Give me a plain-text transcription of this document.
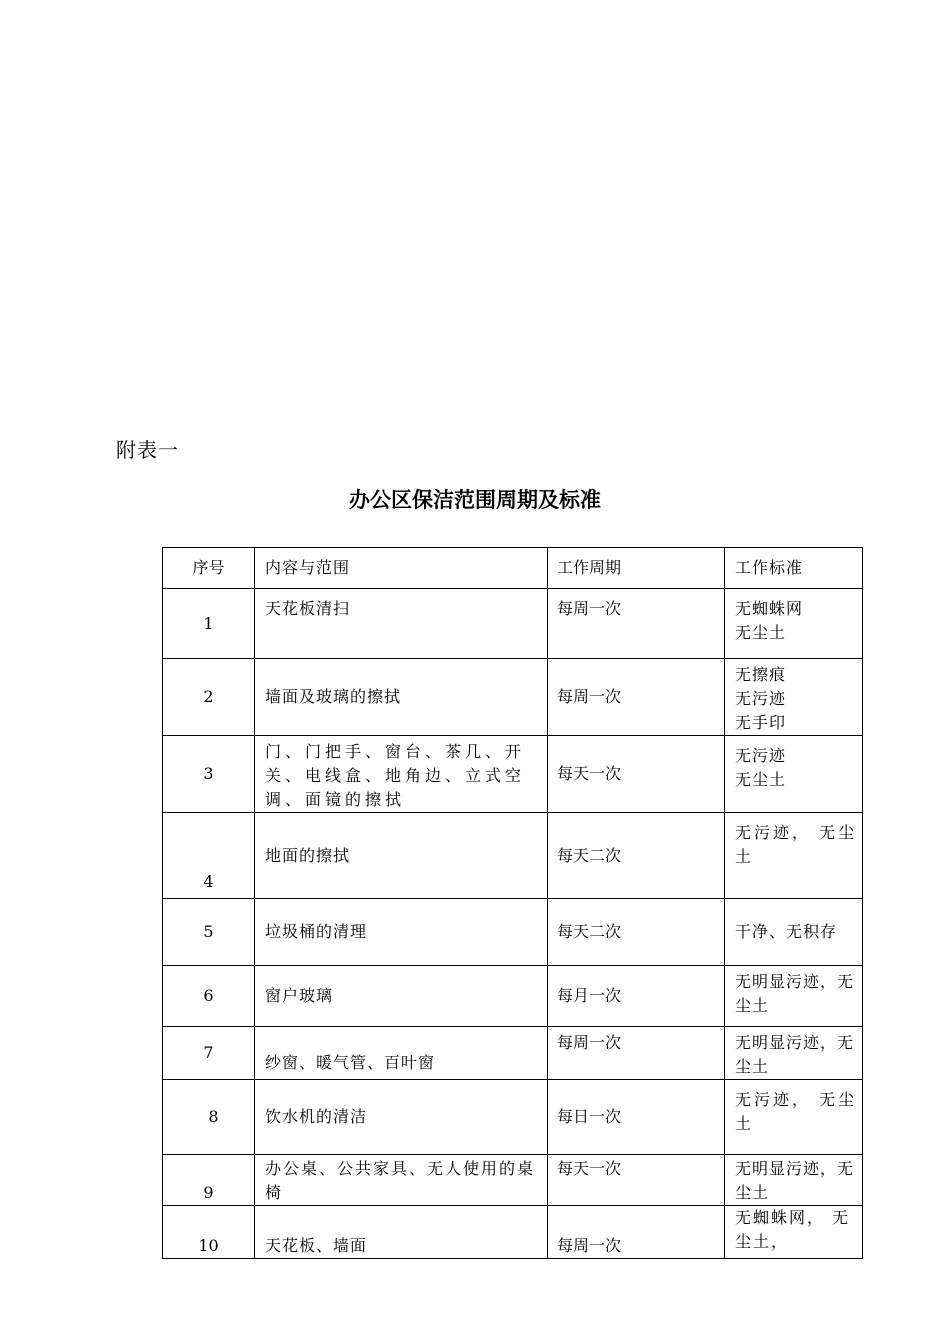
附表一
办公区保洁范围周期及标准
序号	内容与范围	工作周期	工作标准
1	天花板清扫	每周一次	无蜘蛛网
无尘土

2	墙面及玻璃的擦拭	每周一次	无擦痕
无污迹
无手印

3	门、门把手、窗台、茶几、开关、电线盒、地角边、立式空调、面镜的擦拭	每天一次	无污迹
无尘土

4	地面的擦拭	每天二次	无污迹， 无尘土

5	垃圾桶的清理	每天二次	干净、无积存

6	窗户玻璃	每月一次	无明显污迹，无尘土

7	纱窗、暖气管、百叶窗	每周一次	无明显污迹，无尘土

8	饮水机的清洁	每日一次	无污迹， 无尘土

9	办公桌、公共家具、无人使用的桌椅	每天一次	无明显污迹，无尘土

10	天花板、墙面	每周一次	无蜘蛛网， 无尘土，
